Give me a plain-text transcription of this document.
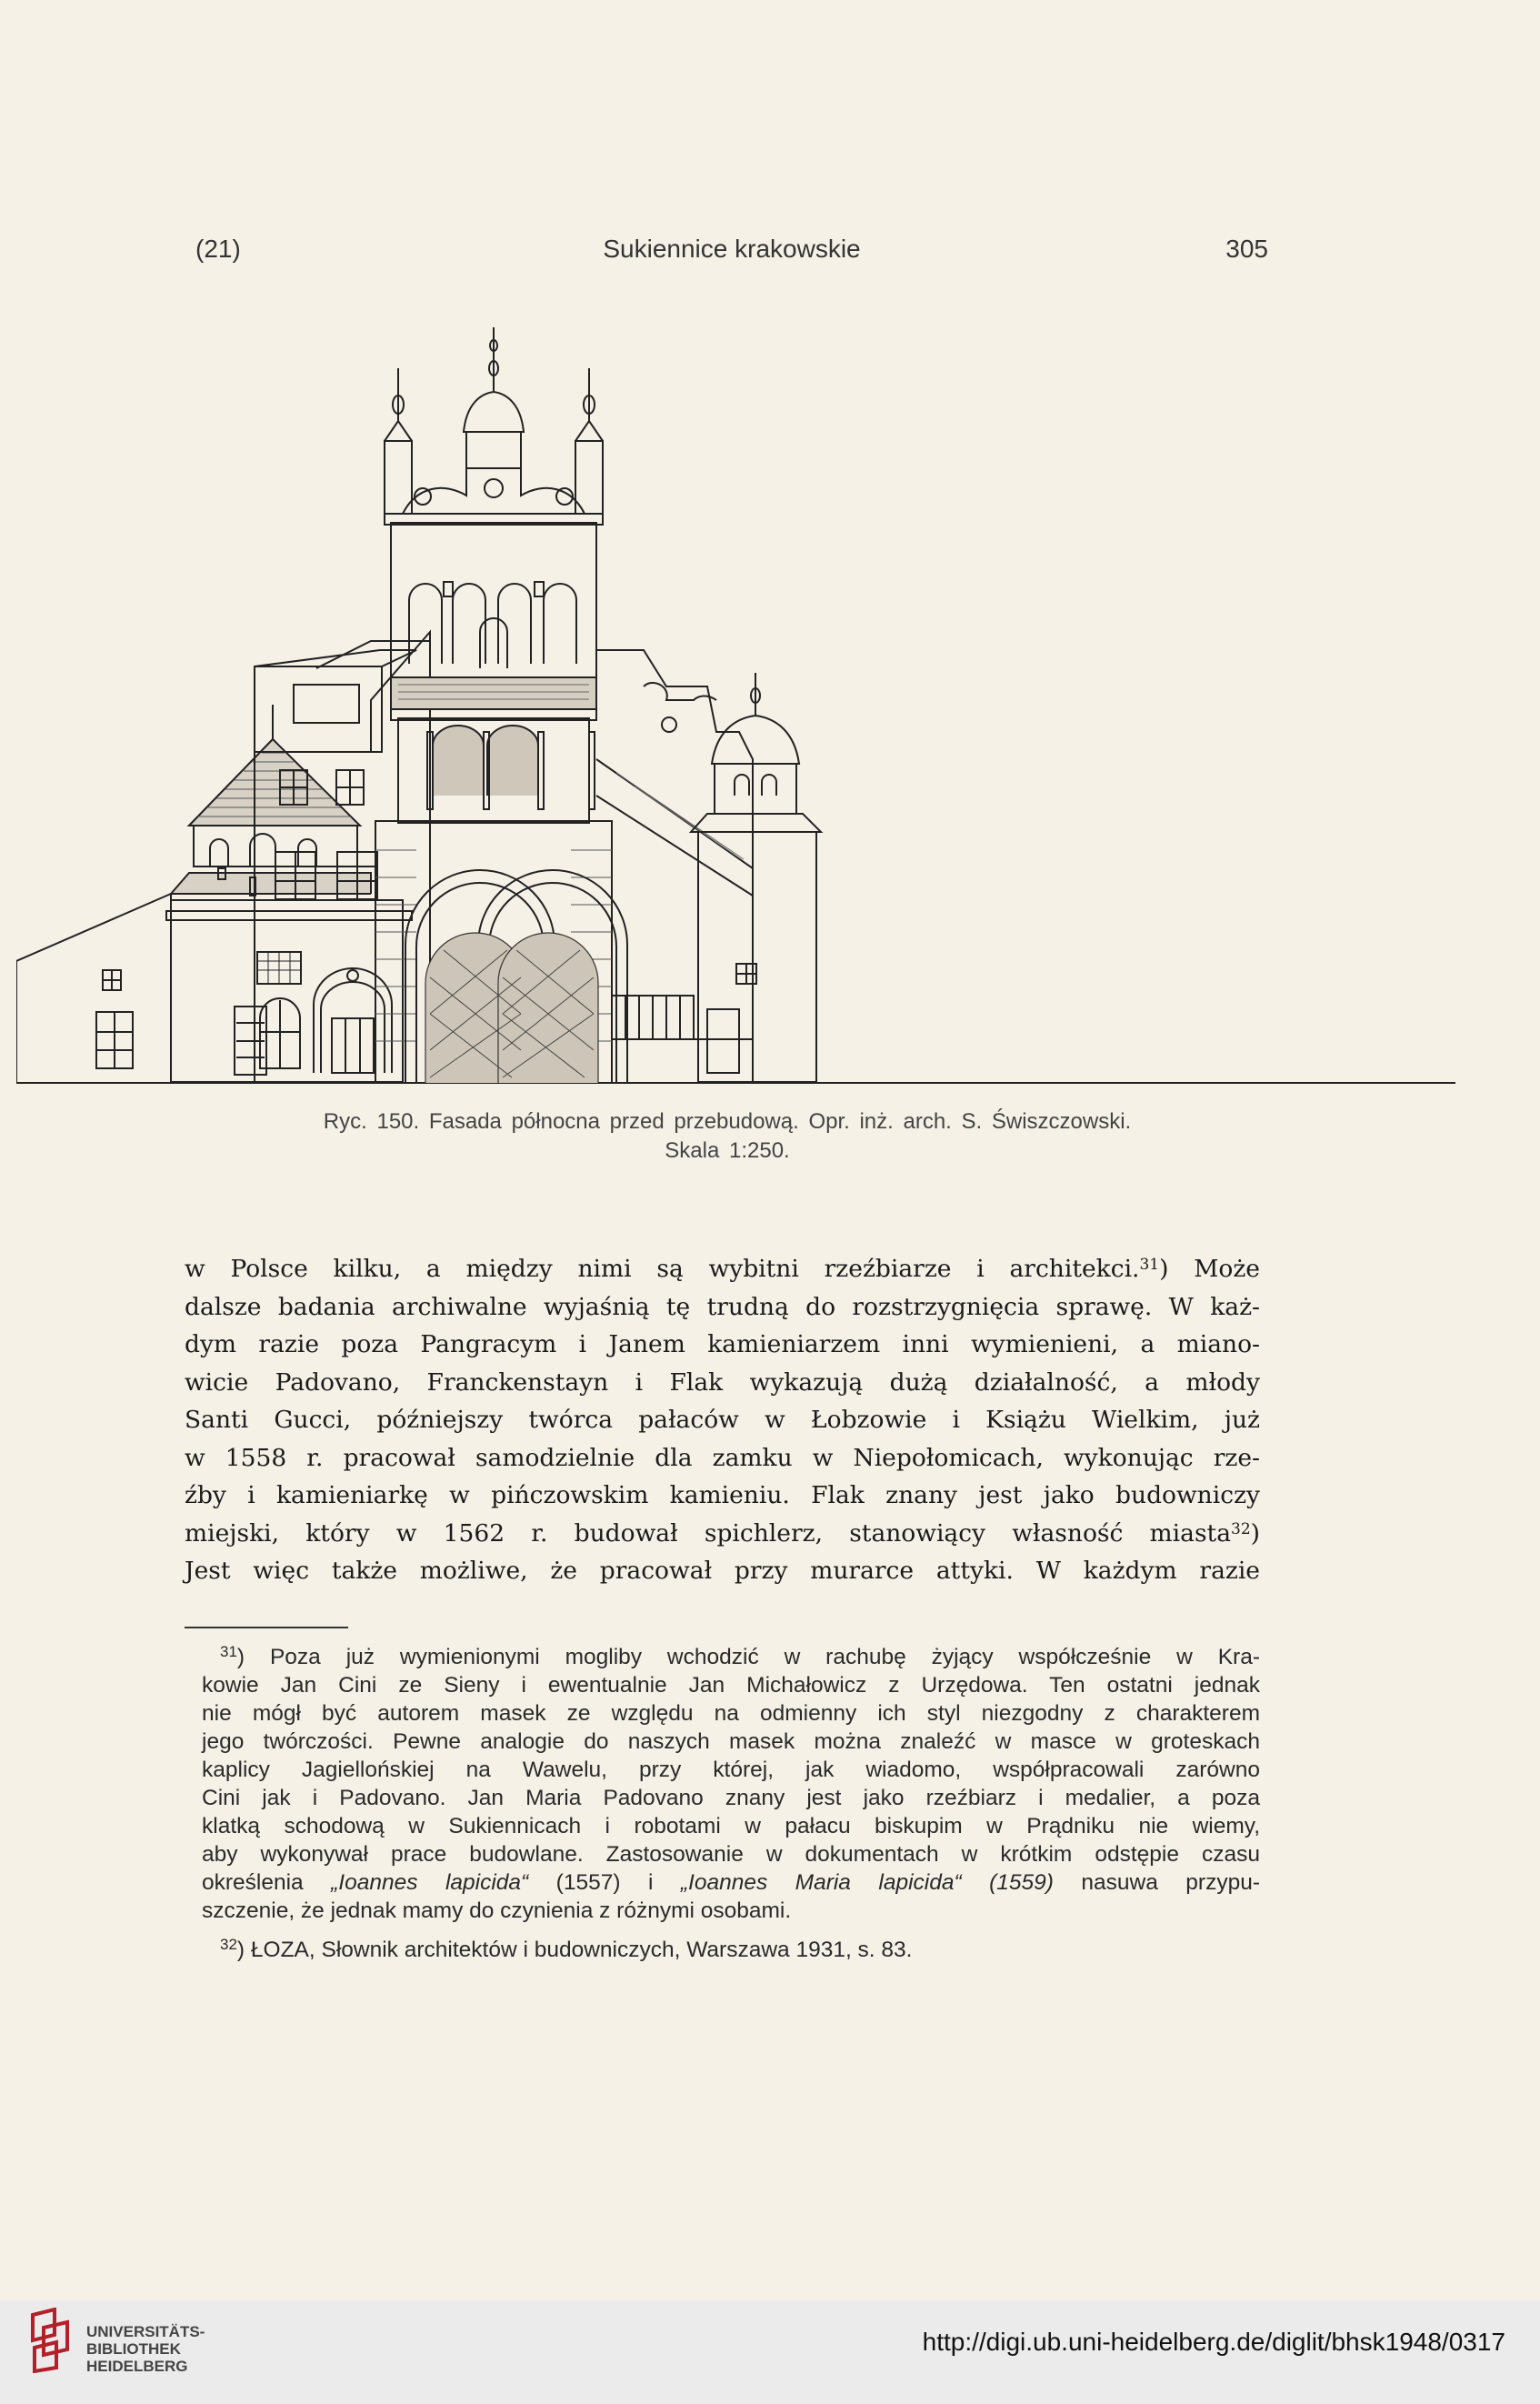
(21)	Sukiennice krakowskie	305
Ryc. 150. Fasada północna przed przebudową. Opr. inż. arch. S. Świszczowski.
Skala 1:250.
w Polsce kilku, a między nimi są wybitni rzeźbiarze i architekci.$^{31}$) Może
dalsze badania archiwalne wyjaśnią tę trudną do rozstrzygnięcia sprawę. W każ-
dym razie poza Pangracym i Janem kamieniarzem inni wymienieni, a miano-
wicie Padovano, Franckenstayn i Flak wykazują dużą działalność, a młody
Santi Gucci, późniejszy twórca pałaców w Łobzowie i Książu Wielkim, już
w 1558 r. pracował samodzielnie dla zamku w Niepołomicach, wykonując rze-
źby i kamieniarkę w pińczowskim kamieniu. Flak znany jest jako budowniczy
miejski, który w 1562 r. budował spichlerz, stanowiący własność miasta$^{32}$)
Jest więc także możliwe, że pracował przy murarce attyki. W każdym razie
$^{31}$) Poza już wymienionymi mogliby wchodzić w rachubę żyjący współcześnie w Kra-
kowie Jan Cini ze Sieny i ewentualnie Jan Michałowicz z Urzędowa. Ten ostatni jednak
nie mógł być autorem masek ze względu na odmienny ich styl niezgodny z charakterem
jego twórczości. Pewne analogie do naszych masek można znaleźć w masce w groteskach
kaplicy Jagiellońskiej na Wawelu, przy której, jak wiadomo, współpracowali zarówno
Cini jak i Padovano. Jan Maria Padovano znany jest jako rzeźbiarz i medalier, a poza
klatką schodową w Sukiennicach i robotami w pałacu biskupim w Prądniku nie wiemy,
aby wykonywał prace budowlane. Zastosowanie w dokumentach w krótkim odstępie czasu
określenia „Ioannes lapicida“ (1557) i „Ioannes Maria lapicida“ (1559) nasuwa przypu-
szczenie, że jednak mamy do czynienia z różnymi osobami.
$^{32}$) ŁOZA, Słownik architektów i budowniczych, Warszawa 1931, s. 83.
UNIVERSITÄTS-
BIBLIOTHEK
HEIDELBERG
http://digi.ub.uni-heidelberg.de/diglit/bhsk1948/0317
